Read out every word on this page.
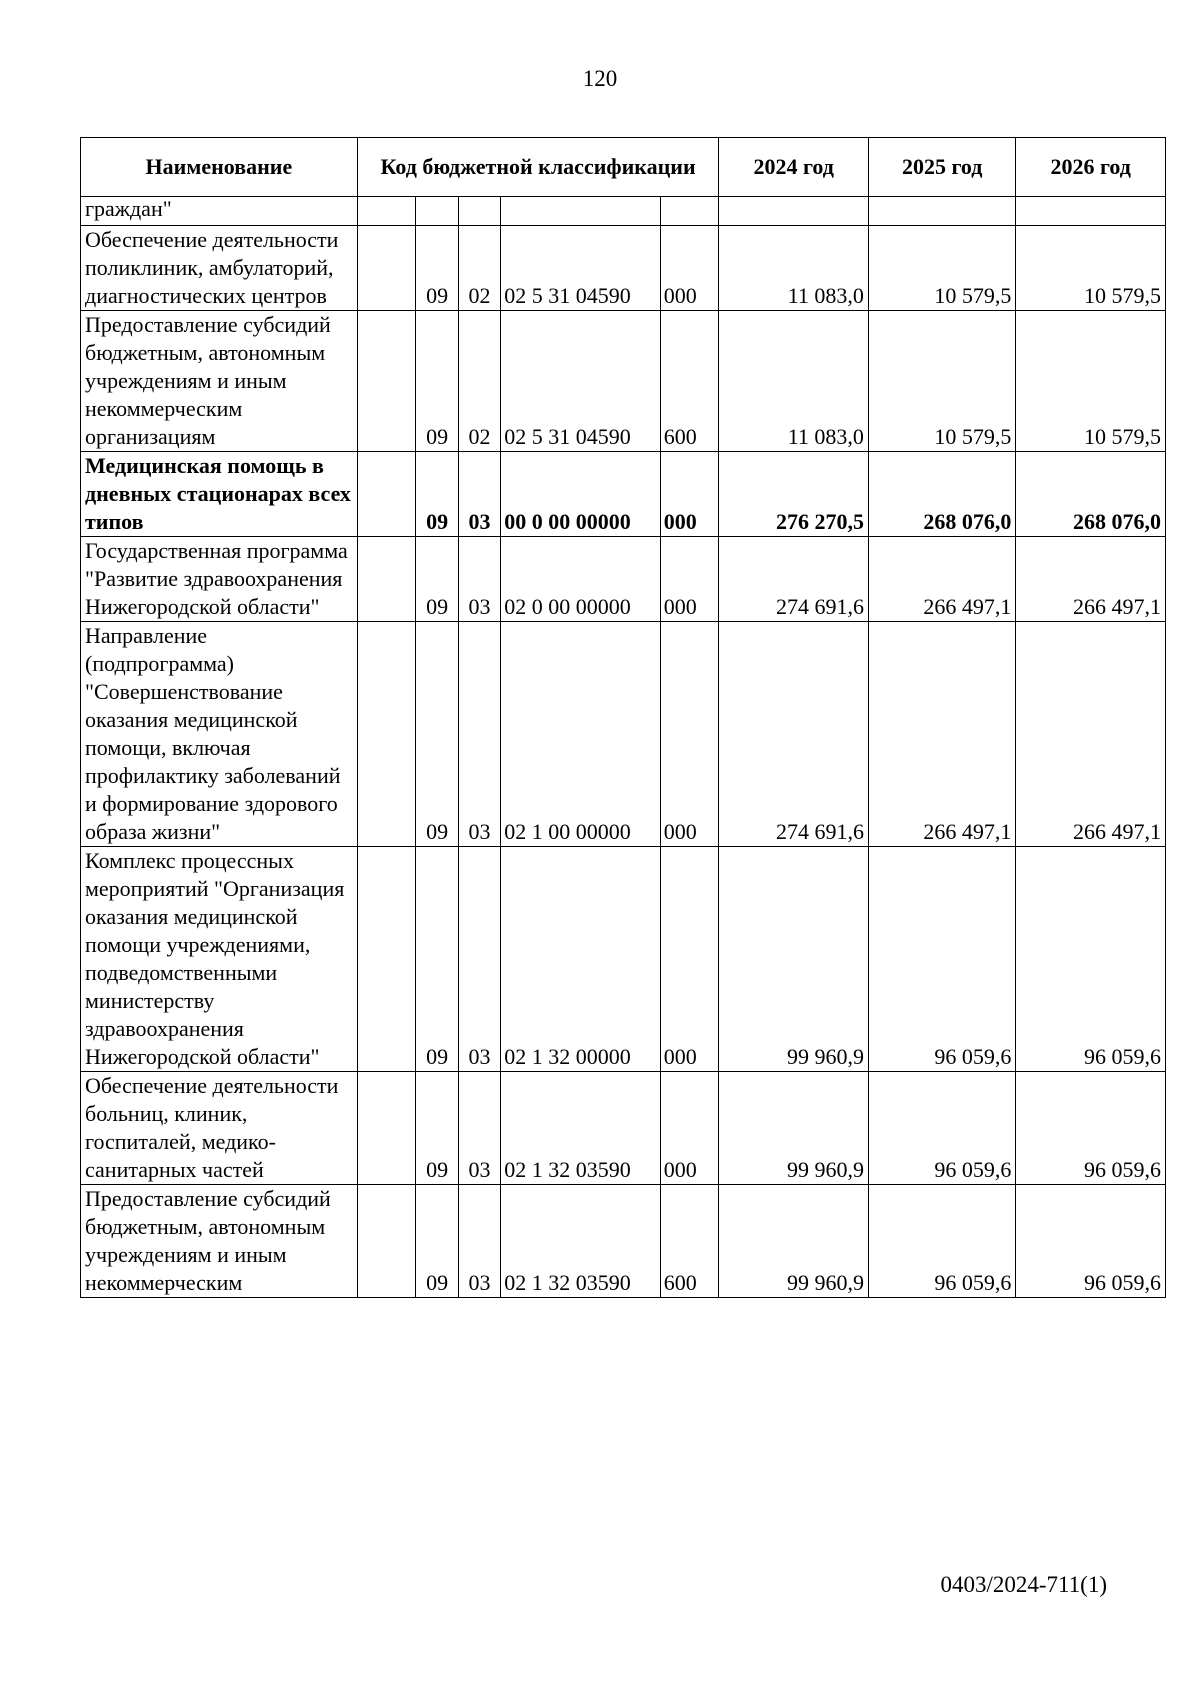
120
Наименование	Код бюджетной классификации					2024 год	2025 год	2026 год
граждан"								
Обеспечение деятельности поликлиник, амбулаторий, диагностических центров		09	02	02 5 31 04590	000	11 083,0	10 579,5	10 579,5
Предоставление субсидий бюджетным, автономным учреждениям и иным некоммерческим организациям		09	02	02 5 31 04590	600	11 083,0	10 579,5	10 579,5
Медицинская помощь в дневных стационарах всех типов		09	03	00 0 00 00000	000	276 270,5	268 076,0	268 076,0
Государственная программа "Развитие здравоохранения Нижегородской области"		09	03	02 0 00 00000	000	274 691,6	266 497,1	266 497,1
Направление (подпрограмма) "Совершенствование оказания медицинской помощи, включая профилактику заболеваний и формирование здорового образа жизни"		09	03	02 1 00 00000	000	274 691,6	266 497,1	266 497,1
Комплекс процессных мероприятий "Организация оказания медицинской помощи учреждениями, подведомственными министерству здравоохранения Нижегородской области"		09	03	02 1 32 00000	000	99 960,9	96 059,6	96 059,6
Обеспечение деятельности больниц, клиник, госпиталей, медико-санитарных частей		09	03	02 1 32 03590	000	99 960,9	96 059,6	96 059,6
Предоставление субсидий бюджетным, автономным учреждениям и иным некоммерческим		09	03	02 1 32 03590	600	99 960,9	96 059,6	96 059,6
0403/2024-711(1)
